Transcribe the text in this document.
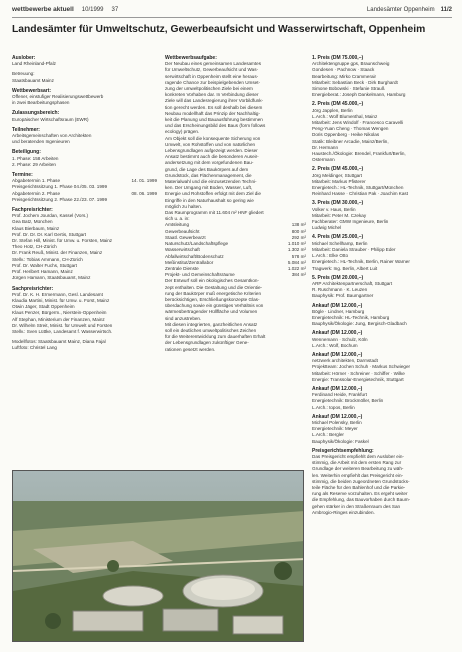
wettbewerbe aktuell 10/1999 37	Landesämter Oppenheim 11/2
Landesämter für Umweltschutz, Gewerbeaufsicht und Wasserwirtschaft, Oppenheim
Auslober:
Land Rheinland-Pfalz
Betreuung:
Staatsbauamt Mainz
Wettbewerbsart:
Offener, einstufiger Realisierungswettbewerb
in zwei Bearbeitungsphasen
Zulassungsbereich:
Europäischer Wirtschaftsraum (EWR)
Teilnehmer:
Arbeitsgemeinschaften von Architekten
und beratenden Ingenieuren
Beteiligung:
1. Phase: 158 Arbeiten
2. Phase: 29 Arbeiten
Termine:
Abgabetermin 1. Phase	14. 01. 1999
Preisgerichtssitzung 1. Phase 04./05. 03. 1999
Abgabetermin 2. Phase	08. 06. 1999
Preisgerichtssitzung 2. Phase 22./23. 07. 1999
Fachpreisrichter:
Prof. Jochem Jourdan, Kassel (Vors.)
Gea Batz, München
Klaus Bierbaum, Mainz
Prof. Dr. Dr. Dr. Karl Gertis, Stuttgart
Dr. Stefan Hill, Minist. für Umw. u. Forsten, Mainz
Theo Hotz, CH-Zürich
Dr. Frank Reuß, Minist. der Finanzen, Mainz
Stellv.: Tobias Ammann, CH-Zürich
Prof. Dr. Walter Fuchs, Stuttgart
Prof. Heribert Hamann, Mainz
Jürgen Hamann, Staatsbauamt, Mainz
Sachpreisrichter:
Prof. Dr. K. H. Ermermann, Gesl. Landesamt
Klaudia Martini, Minist. für Umw. u. Forst, Mainz
Otwin Jäger, Stadt Oppenheim
Klaus Penzer, Bürgerm., Nierstein-Oppenheim
Alf Stephan, Ministerium der Finanzen, Mainz
Dr. Wilhelm Streit, Minist. für Umwelt und Forsten
Stellv.: Sven Lüttke, Landesamt f. Wasserwirtsch.
Modellfotos: Staatsbauamt Mainz, Diana Fajal
Luftfoto: Christel Lang
Wettbewerbsaufgabe:
Der Neubau eines gemeinsamen Landesamtes
für Umweltschutz, Gewerbeaufsicht und Was-
serwirtschaft in Oppenheim stellt eine heraus-
ragende Chance zur beispielgebenden Umset-
zung der umweltpolitischen Ziele bei einem
konkreten Vorhaben dar. In Verbindung dieser
Ziele will das Landesregierung ihrer Vorbildfunk-
tion gerecht werden. Es soll deshalb bei diesem
Neubau modellhaft das Prinzip der Nachhaltig-
keit die Planung und Bauausführung bestimmen
und das Erscheinungsbild des Baus (form follows
ecology) prägen.
Am Objekt soll die konsequente Sicherung von
Umwelt, von Rohstoffen und von natürlichen
Lebensgrundlagen aufgezeigt werden. Dieser
Ansatz bestimmt auch die besonderen Auseir-
andersetzung mit dem vorgefundenen Bau-
grund, die Lage des Baukörpers auf dem
Grundstück, das Flächenmanagement, die
Materialwahl und die einzusetzenden Techni-
ken. Der Umgang mit Boden, Wasser, Luft,
Energie und Rohstoffen erfolgt mit dem Ziel die
Eingriffe in den Naturhaushalt so gering wie
möglich zu halten.
Das Raumprogramm mit 11.604 m² HNF gliedert
sich u. a. in:
Amtsleitung	138 m²
Gewerbeaufsicht	800 m²
Staatl. Gewerbearzt	292 m²
Naturschutz/Landschaftspflege	1.010 m²
Wasserwirtschaft	1.302 m²
Abfallwirtschaft/Bodenschutz	578 m²
Meßinstitut/Zentrallabor	5.084 m²
Zentrale Dienste	1.022 m²
Projekt- und Gemeinschaftsräume	384 m²
Der Entwurf soll ein ökologisches Gesamtkon-
zept enthalten. Die Gestaltung und die Orientie-
rung der Baukörper muß energetische Kriterien
berücksichtigen, Erschließungskonzepte Glas-
überdachung sowie ein günstiges Verhältnis von
wärmeübertragender Hüllfläche und Volumen
sind anzustreben.
Mit diesen integrierten, ganzheitlichen Ansatz
soll ein deutliches umweltpolitisches Zeichen
für die Weiterentwicklung zum dauerhaften Erhalt
der Lebensgrundlagen zukünftiger Gene-
rationen gesetzt werden.
1. Preis (DM 75.000,–)
Architektengruppe gps, Braunschweig
Gondesen · Pachnow · Staack
Bearbeitung: Mirko Crammerair
Mitarbeit: Sebastian Beck · Dirk Burghardt
Simone Bobowski · Stefanie Strauß
Energieberat.: Joseph Dankelmann, Hamburg
2. Preis (DM 45.000,–)
Jörg Japplen, Berlin
L.Arch.: Wolf Blumenthal, Mainz
Mitarbeit: Jens Windolf · Francesco Caravelli
Peng-Yuan Cheng · Thomas Wengen
Doris Oppenberg · Heike Nikolas
Statik: Bleibner Arcadie, Mainz/Berlin,
Dr. Hermann
Haustech./Ökologie: Brendel, Frankfurt/Berlin,
Ostermann
2. Preis (DM 45.000,–)
Jörg Meldinger, Stuttgart
Mitarbeit: Markus Pfisterer
Energietech.: HL-Technik, Stuttgart/München
Reinhard Hasse · Christian Pak · Joachim Kast
3. Preis (DM 30.000,–)
Volker v. Haus, Berlin
Mitarbeit: Peter M. Czekay
Fachberater: GMW Ingenieure, Berlin
Ludwig Michel
4. Preis (DM 25.000,–)
Michael Schellhamp, Berlin
Mitarbeit: Daniela Strauber · Philipp Eder
L.Arch.: Elke Otto
Energietech.: HL-Technik, Berlin, Rainer Warner
Tragwerk: Ing. Berlin, Albert Luit
5. Preis (DM 20.000,–)
ARP Architektenpartnerschaft, Stuttgart
R. Ruschmann · K. Leuzen
Bauphysik: Prof. Baumgartner
Ankauf (DM 12.000,–)
Bögle · Lindner, Hamburg
Energietechnik: HL-Technik, Hamburg
Bauphysik/Ökologie: Jung, Bergisch-Gladbach
Ankauf (DM 12.000,–)
Wennemann · Schulz, Köln
L.Arch.: Wolf, Bochum
Ankauf (DM 12.000,–)
netzwerk architekten, Darmstadt
Projektteam: Jochen Schuh · Markus Schwieger
Mitarbeit: Hörner · Schreiner · Schiffer · Wilke
Energie: Transsolar-Energietechnik, Stuttgart
Ankauf (DM 12.000,–)
Ferdinand Heide, Frankfurt
Energietechnik: Brockmöller, Berlin
L.Arch.: topos, Berlin
Ankauf (DM 12.000,–)
Michael Polensky, Berlin
Energietechnik: Meyer
L.Arch.: Bergler
Bauphysik/Ökologie: Faskel
Preisgerichtsempfehlung:
Das Preisgericht empfiehlt dem Auslober ein-
stimmig, die Arbeit mit dem ersten Rang zur
Grundlage der weiteren Bearbeitung zu wäh-
len. Weiterhin empfiehlt das Preisgericht ein-
stimmig, die beiden zugeordneten Grundstücks-
teile Fläche für den Bahlenhof und die Parkie-
rung als Reserve vorzuhalten. Es ergeht weiter
die Empfehlung, das Bauvorhaben durch Baum-
gehen stärker in den Straßenraum des San
Ambrogio-Ringes einzubinden.
